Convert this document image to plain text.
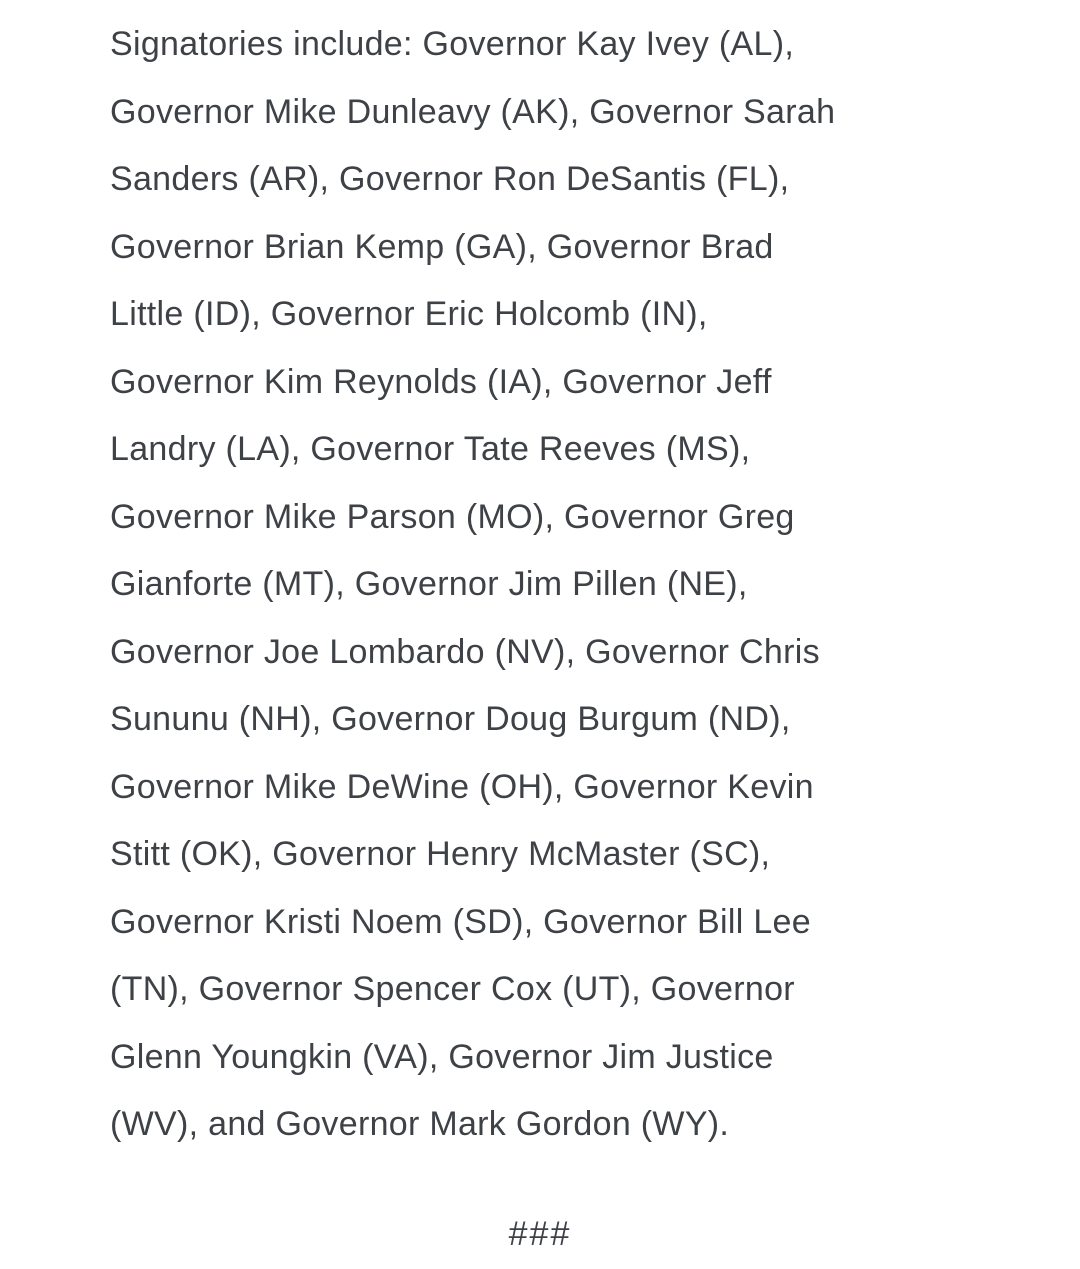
Signatories include: Governor Kay Ivey (AL),
Governor Mike Dunleavy (AK), Governor Sarah
Sanders (AR), Governor Ron DeSantis (FL),
Governor Brian Kemp (GA), Governor Brad
Little (ID), Governor Eric Holcomb (IN),
Governor Kim Reynolds (IA), Governor Jeff
Landry (LA), Governor Tate Reeves (MS),
Governor Mike Parson (MO), Governor Greg
Gianforte (MT), Governor Jim Pillen (NE),
Governor Joe Lombardo (NV), Governor Chris
Sununu (NH), Governor Doug Burgum (ND),
Governor Mike DeWine (OH), Governor Kevin
Stitt (OK), Governor Henry McMaster (SC),
Governor Kristi Noem (SD), Governor Bill Lee
(TN), Governor Spencer Cox (UT), Governor
Glenn Youngkin (VA), Governor Jim Justice
(WV), and Governor Mark Gordon (WY).

###
